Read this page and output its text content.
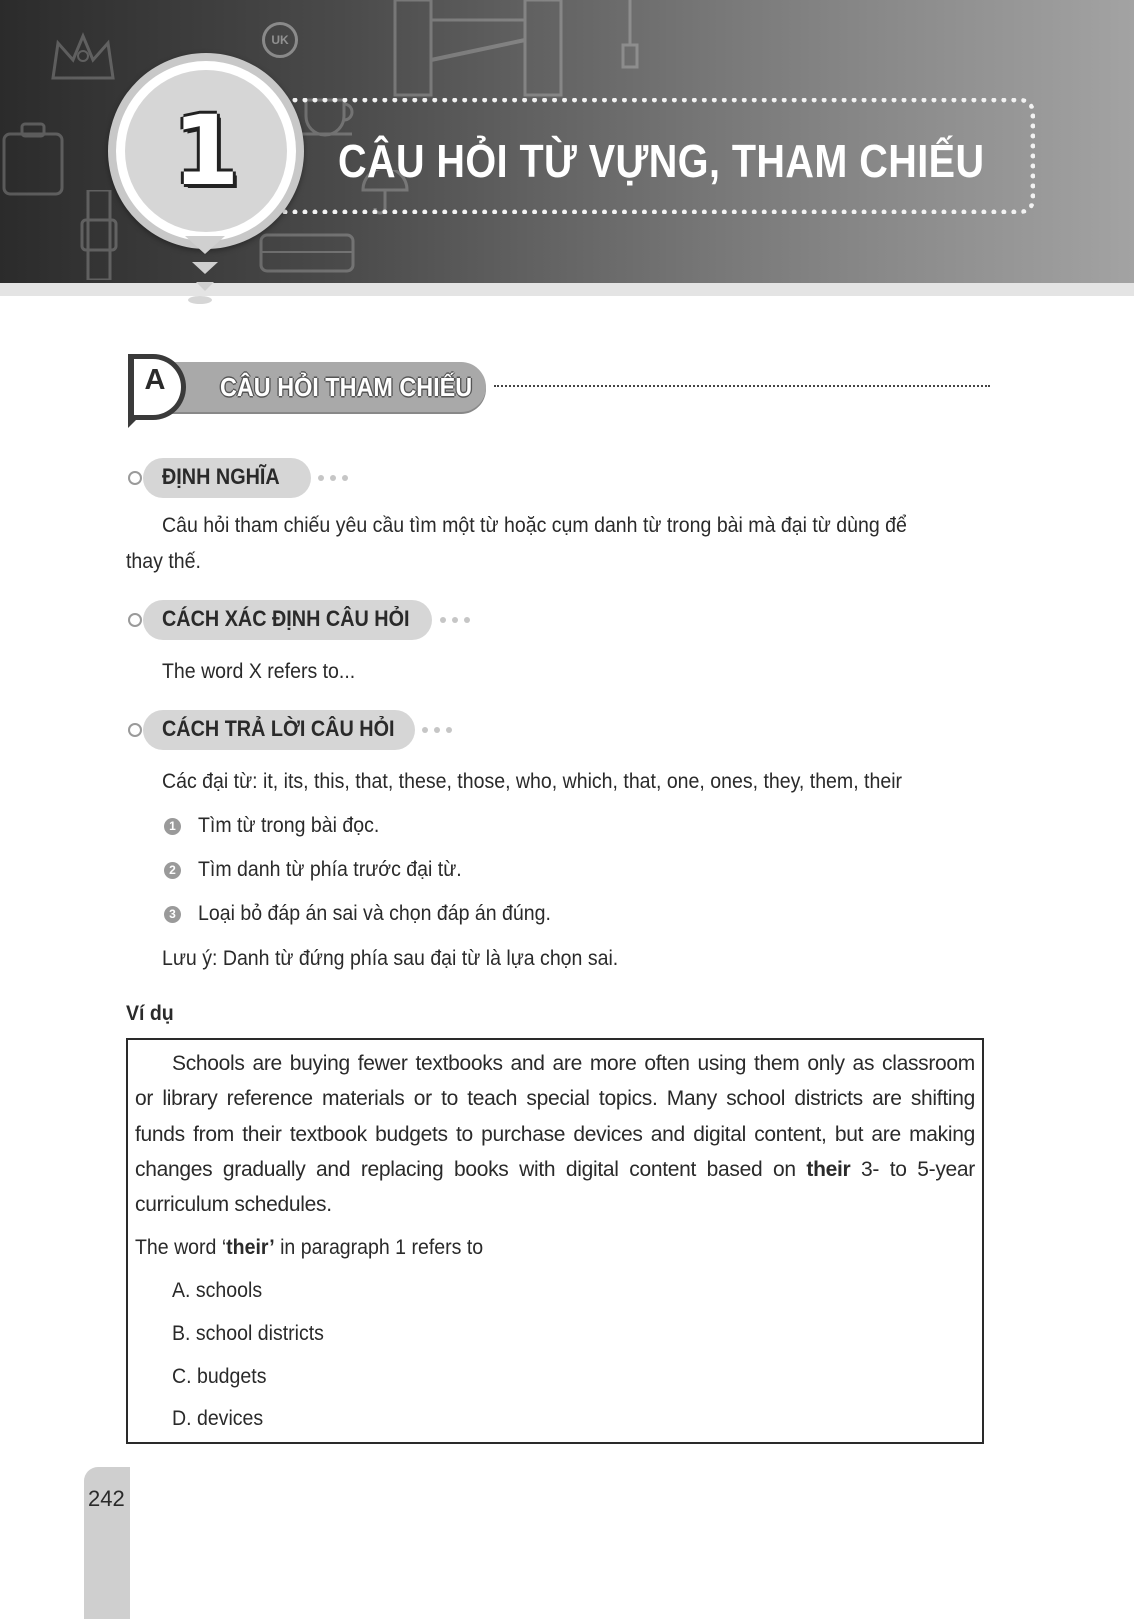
UK
CÂU HỎI TỪ VỰNG, THAM CHIẾU
1
A	CÂU HỎI THAM CHIẾU
ĐỊNH NGHĨA

Câu hỏi tham chiếu yêu cầu tìm một từ hoặc cụm danh từ trong bài mà đại từ dùng để

thay thế.

CÁCH XÁC ĐỊNH CÂU HỎI

The word X refers to...

CÁCH TRẢ LỜI CÂU HỎI

Các đại từ: it, its, this, that, these, those, who, which, that, one, ones, they, them, their

1 Tìm từ trong bài đọc.

2 Tìm danh từ phía trước đại từ.

3 Loại bỏ đáp án sai và chọn đáp án đúng.

Lưu ý: Danh từ đứng phía sau đại từ là lựa chọn sai.

Ví dụ

Schools are buying fewer textbooks and are more often using them only as classroom

or library reference materials or to teach special topics. Many school districts are shifting

funds from their textbook budgets to purchase devices and digital content, but are making

changes gradually and replacing books with digital content based on their 3- to 5-year

curriculum schedules.

The word ‘their’ in paragraph 1 refers to

A. schools

B. school districts

C. budgets

D. devices

242
